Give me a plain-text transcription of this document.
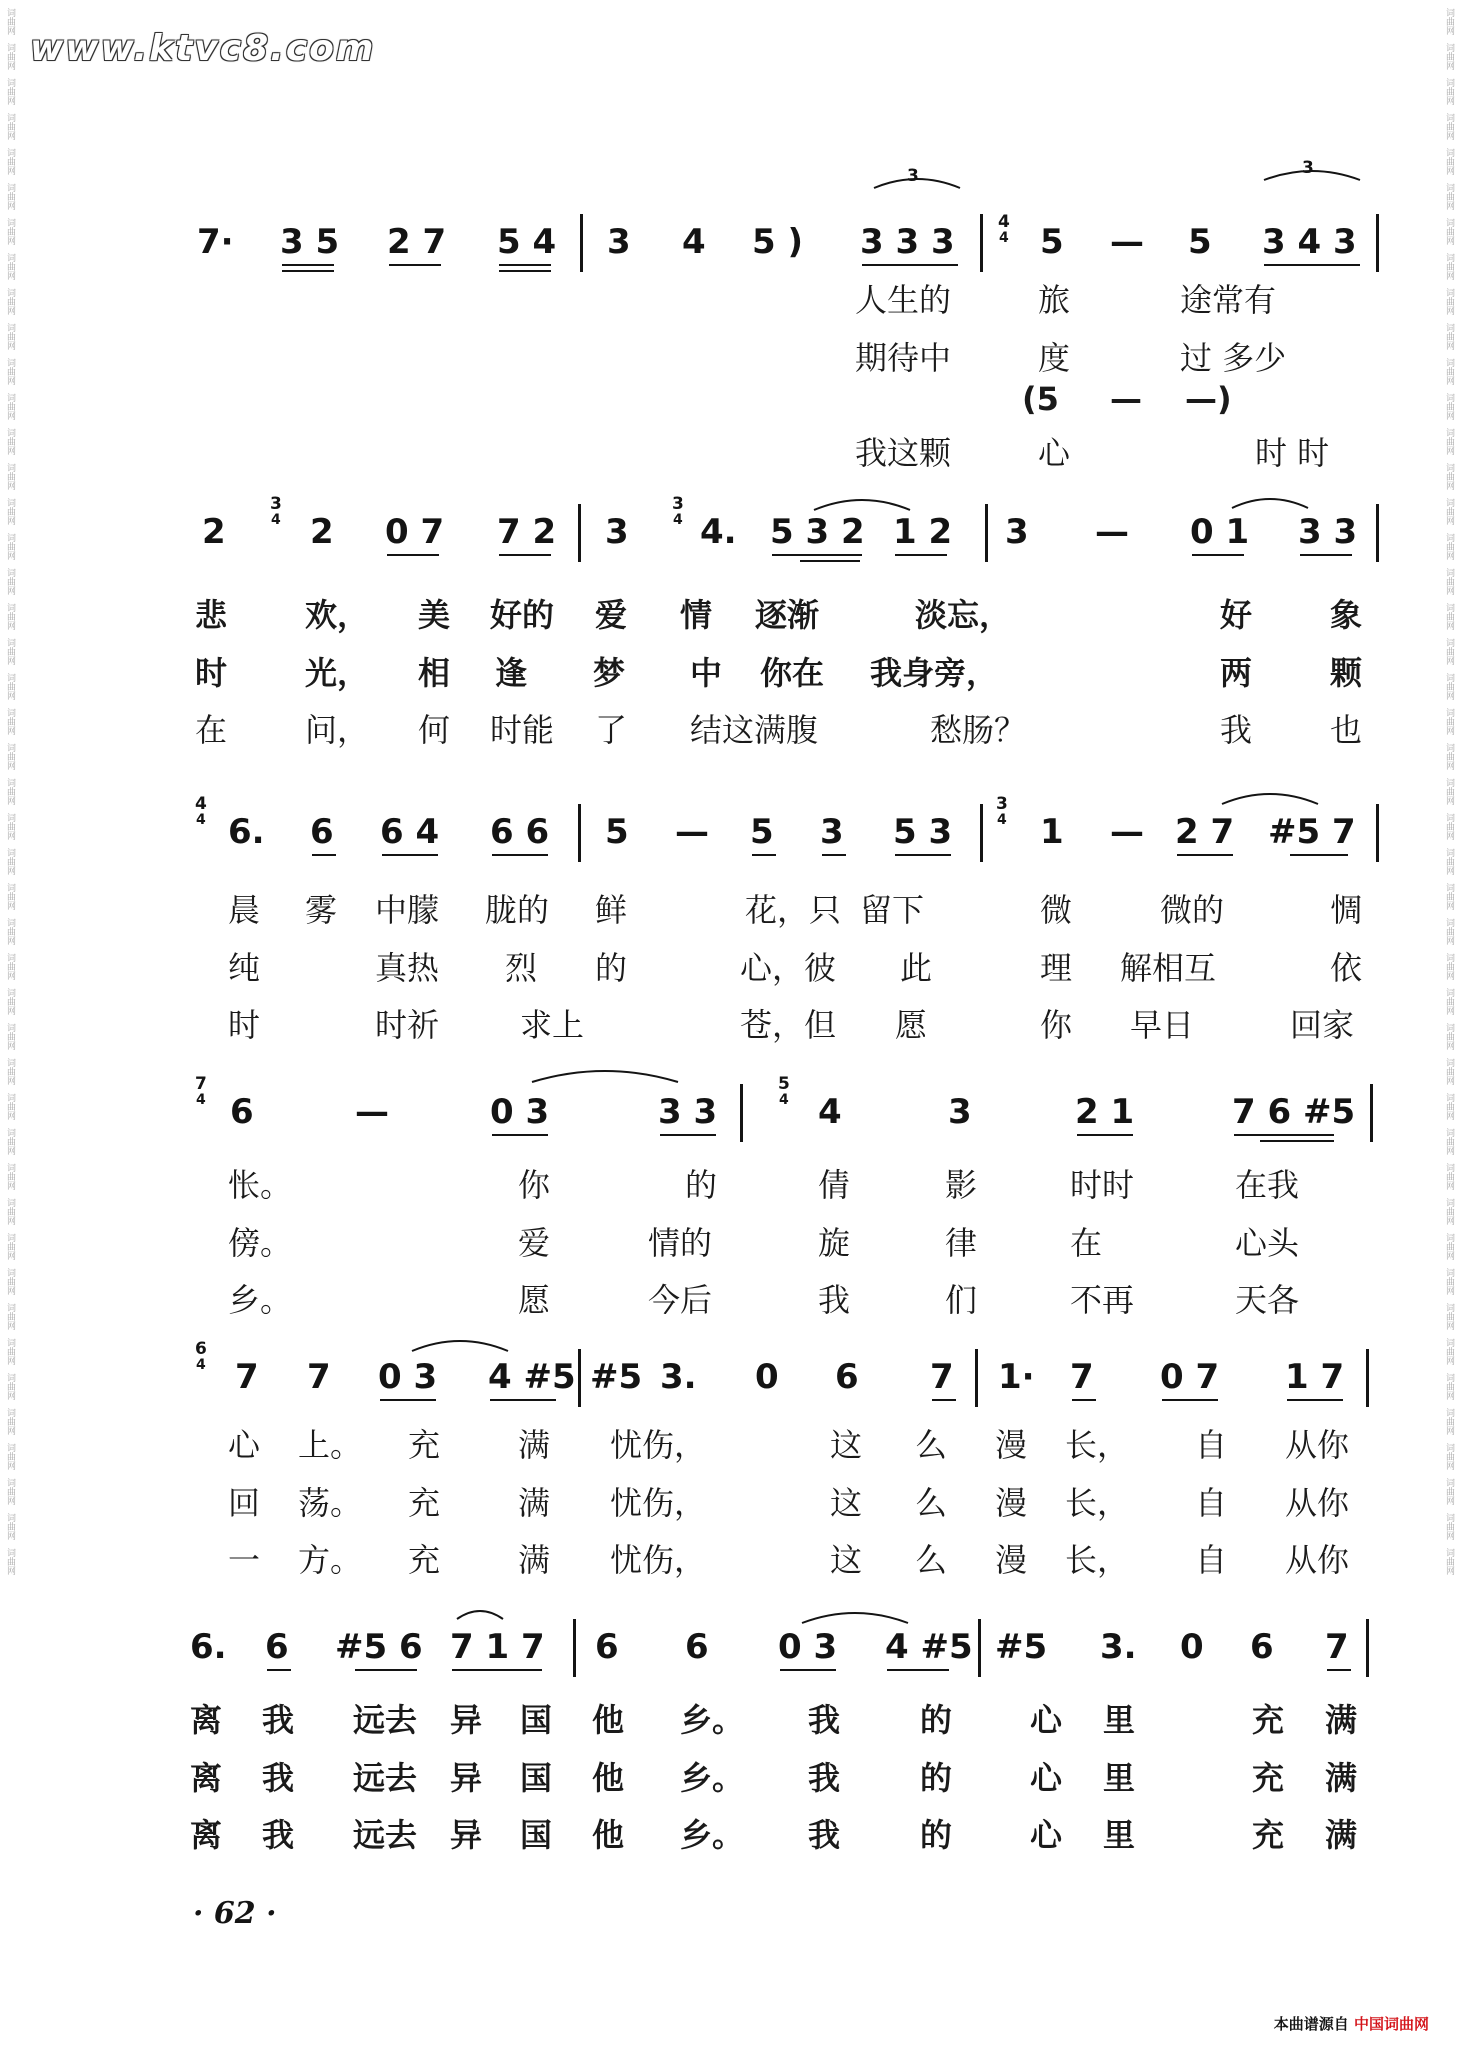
词曲网
词曲网
词曲网
词曲网
词曲网
词曲网
词曲网
词曲网
词曲网
词曲网
词曲网
词曲网
词曲网
词曲网
词曲网
词曲网
词曲网
词曲网
词曲网
词曲网
词曲网
词曲网
词曲网
词曲网
词曲网
词曲网
词曲网
词曲网
词曲网
词曲网
词曲网
词曲网
词曲网
词曲网
词曲网
词曲网
词曲网
词曲网
词曲网
词曲网
词曲网
词曲网
词曲网
词曲网
词曲网
词曲网
词曲网
词曲网
词曲网
词曲网
词曲网
词曲网
词曲网
词曲网
词曲网
词曲网
词曲网
词曲网
词曲网
词曲网
词曲网
词曲网
词曲网
词曲网
词曲网
词曲网
词曲网
词曲网
词曲网
词曲网
词曲网
词曲网
词曲网
词曲网
词曲网
词曲网
词曲网
词曲网
词曲网
词曲网
词曲网
词曲网
词曲网
词曲网
词曲网
词曲网
词曲网
词曲网
词曲网
词曲网
www.ktvc8.com
3	3
7· 3 5 2 7 5 4 3 4 5 ) 3 3 3	4
4 5 — 5 3 4 3
人生的	旅	途常有
期待中	度	过 多少
(5 — —)
我这颗	心	时 时
2
3
4 2 0 7 7 2 3
3
4 4. 5 3 2 1 2 3 — 0 1 3 3
悲 欢， 美 好的 爱 情 逐渐	淡忘，	好 象
时 光， 相 逢 梦 中 你在 我身旁，	两 颗
在 问， 何 时能 了 结这满腹	愁肠？	我 也
4
4 6. 6 6 4 6 6 5 — 5 3 5 3
3
4 1 — 2 7 #5 7
晨 雾 中朦 胧的 鲜	花，只 留下	微	微的	惆
纯	真热 烈 的	心，彼 此	理 解相互	依
时	时祈	求上	苍，但 愿	你 早日	回家
7
4 6	—	0 3	3 3
5
4 4	3	2 1	7 6 #5
怅。	你	的	倩	影	时时	在我
傍。	爱	情的	旋	律	在	心头
乡。	愿	今后	我	们	不再	天各
6
4 7 7 0 3 4 #5 #5 3. 0 6 7 1· 7 0 7 1 7
心 上。 充 满 忧伤，	这 么 漫 长， 自 从你
回 荡。 充 满 忧伤，	这 么 漫 长， 自 从你
一 方。 充 满 忧伤，	这 么 漫 长， 自 从你
6. 6 #5 6 7 1 7 6 6 0 3 4 #5 #5 3. 0 6 7
离 我 远去 异 国 他 乡。 我 的 心 里	充 满
离 我 远去 异 国 他 乡。 我 的 心 里	充 满
离 我 远去 异 国 他 乡。 我 的 心 里	充 满
· 62 ·
本曲谱源自 中国词曲网
